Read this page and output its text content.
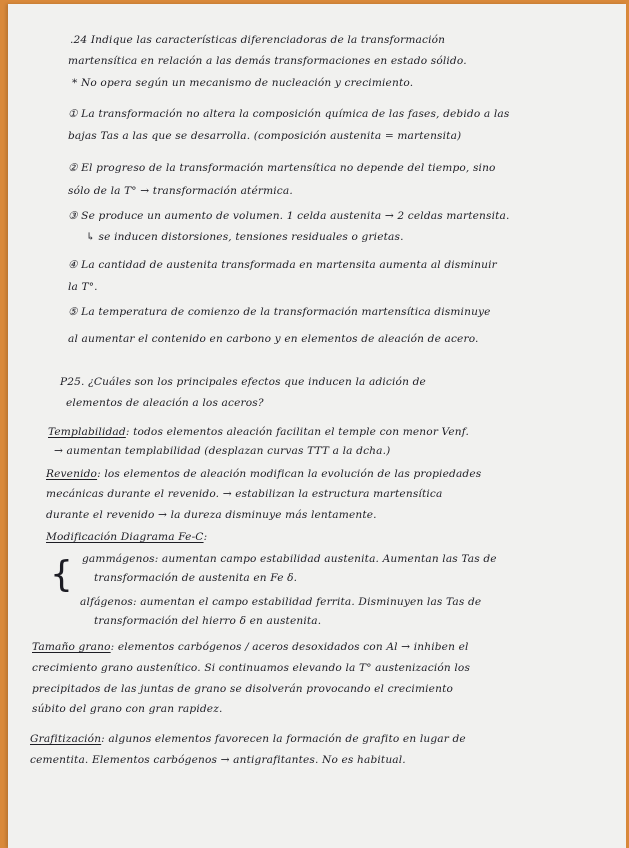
.24 Indique las características diferenciadoras de la transformación
martensítica en relación a las demás transformaciones en estado sólido.
* No opera según un mecanismo de nucleación y crecimiento.
① La transformación no altera la composición química de las fases, debido a las
bajas Tas a las que se desarrolla. (composición austenita = martensita)
② El progreso de la transformación martensítica no depende del tiempo, sino
sólo de la T° → transformación atérmica.
③ Se produce un aumento de volumen. 1 celda austenita → 2 celdas martensita.
↳ se inducen distorsiones, tensiones residuales o grietas.
④ La cantidad de austenita transformada en martensita aumenta al disminuir
la T°.
⑤ La temperatura de comienzo de la transformación martensítica disminuye
al aumentar el contenido en carbono y en elementos de aleación de acero.
P25. ¿Cuáles son los principales efectos que inducen la adición de
elementos de aleación a los aceros?
Templabilidad: todos elementos aleación facilitan el temple con menor Venf.
→ aumentan templabilidad (desplazan curvas TTT a la dcha.)
Revenido: los elementos de aleación modifican la evolución de las propiedades
mecánicas durante el revenido. → estabilizan la estructura martensítica
durante el revenido → la dureza disminuye más lentamente.
Modificación Diagrama Fe-C:
{ gammágenos: aumentan campo estabilidad austenita. Aumentan las Tas de
transformación de austenita en Fe δ.
alfágenos: aumentan el campo estabilidad ferrita. Disminuyen las Tas de
transformación del hierro δ en austenita.
Tamaño grano: elementos carbógenos / aceros desoxidados con Al → inhiben el
crecimiento grano austenítico. Si continuamos elevando la T° austenización los
precipitados de las juntas de grano se disolverán provocando el crecimiento
súbito del grano con gran rapidez.
Grafitización: algunos elementos favorecen la formación de grafito en lugar de
cementita. Elementos carbógenos → antigrafitantes. No es habitual.
